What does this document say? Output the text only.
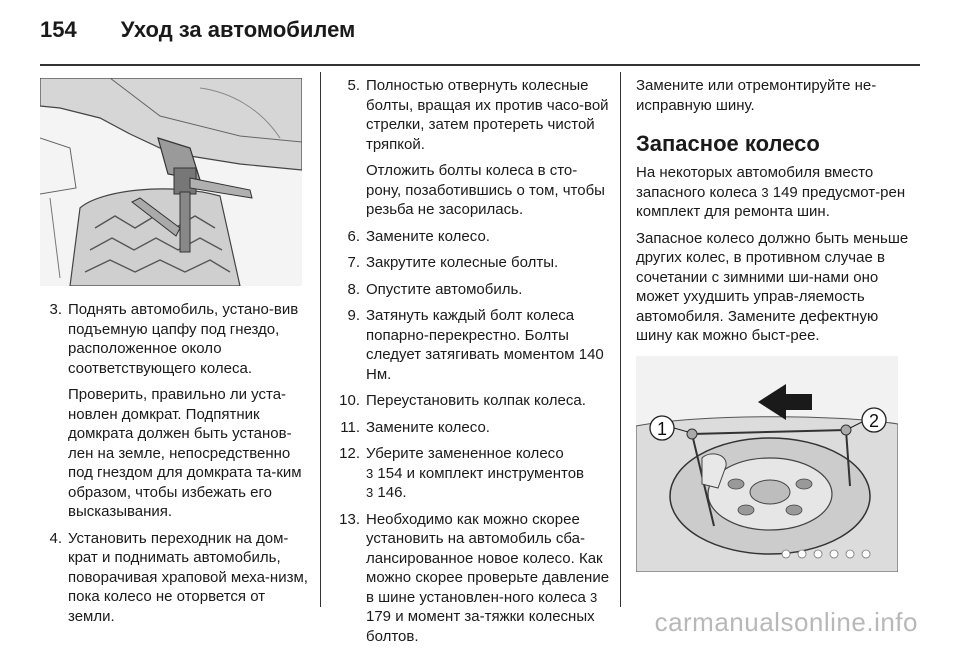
154 Уход за автомобилем
3. Поднять автомобиль, устано-вив подъемную цапфу под гнездо, расположенное около соответствующего колеса.

Проверить, правильно ли уста-новлен домкрат. Подпятник домкрата должен быть установ-лен на земле, непосредственно под гнездом для домкрата та-ким образом, чтобы избежать его высказывания.

4. Установить переходник на дом-крат и поднимать автомобиль, поворачивая храповой меха-низм, пока колесо не оторвется от земли.

5. Полностью отвернуть колесные болты, вращая их против часо-вой стрелки, затем протереть чистой тряпкой.

Отложить болты колеса в сто-рону, позаботившись о том, чтобы резьба не засорилась.

6. Замените колесо.

7. Закрутите колесные болты.

8. Опустите автомобиль.

9. Затянуть каждый болт колеса попарно-перекрестно. Болты следует затягивать моментом 140 Нм.

10. Переустановить колпак колеса.

11. Замените колесо.

12. Уберите замененное колесо
3 154 и комплект инструментов
3 146.

13. Необходимо как можно скорее установить на автомобиль сба-лансированное новое колесо. Как можно скорее проверьте давление в шине установлен-ного колеса 3 179 и момент за-тяжки колесных болтов.

Замените или отремонтируйте не-исправную шину.

Запасное колесо

На некоторых автомобиля вместо запасного колеса 3 149 предусмот-рен комплект для ремонта шин.

Запасное колесо должно быть меньше других колес, в противном случае в сочетании с зимними ши-нами оно может ухудшить управ-ляемость автомобиля. Замените дефектную шину как можно быст-рее.

1	2
carmanualsonline.info
